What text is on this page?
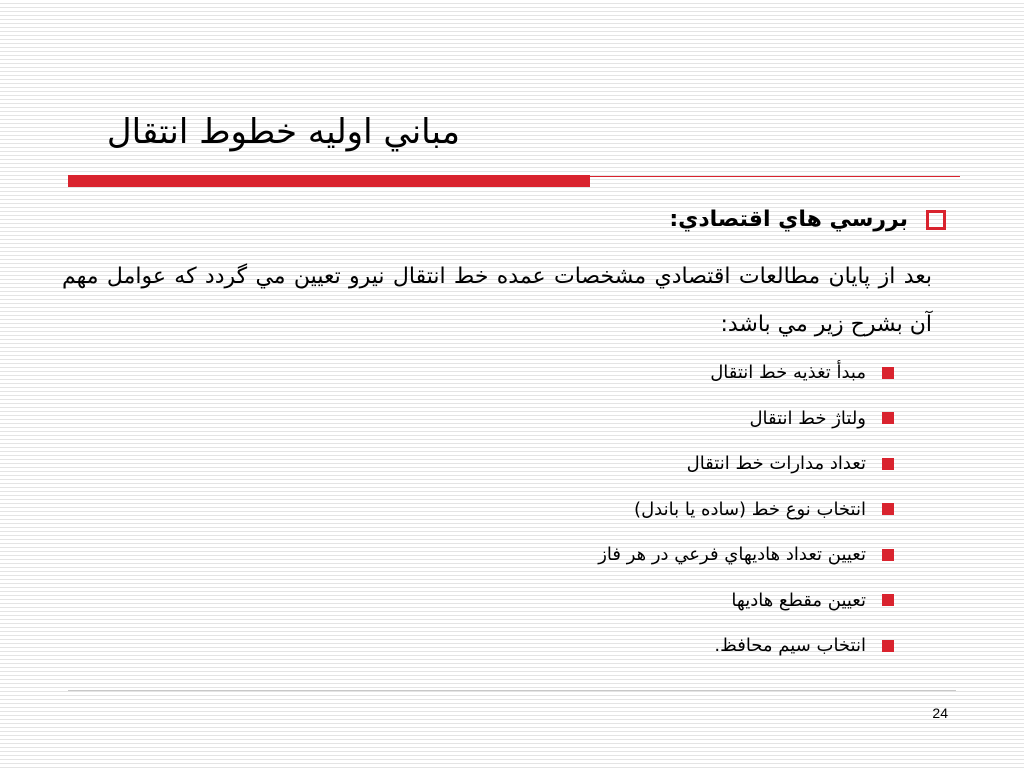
مباني اوليه خطوط انتقال
بررسي هاي اقتصادي:
بعد از پايان مطالعات اقتصادي مشخصات عمده خط انتقال نيرو تعيين مي گردد كه عوامل مهم آن بشرح زير مي باشد:
مبدأ تغذيه خط انتقال
ولتاژ خط انتقال
تعداد مدارات خط انتقال
انتخاب نوع خط (ساده يا باندل)
تعيين تعداد هاديهاي فرعي در هر فاز
تعيين مقطع هاديها
انتخاب سيم محافظ.
24
